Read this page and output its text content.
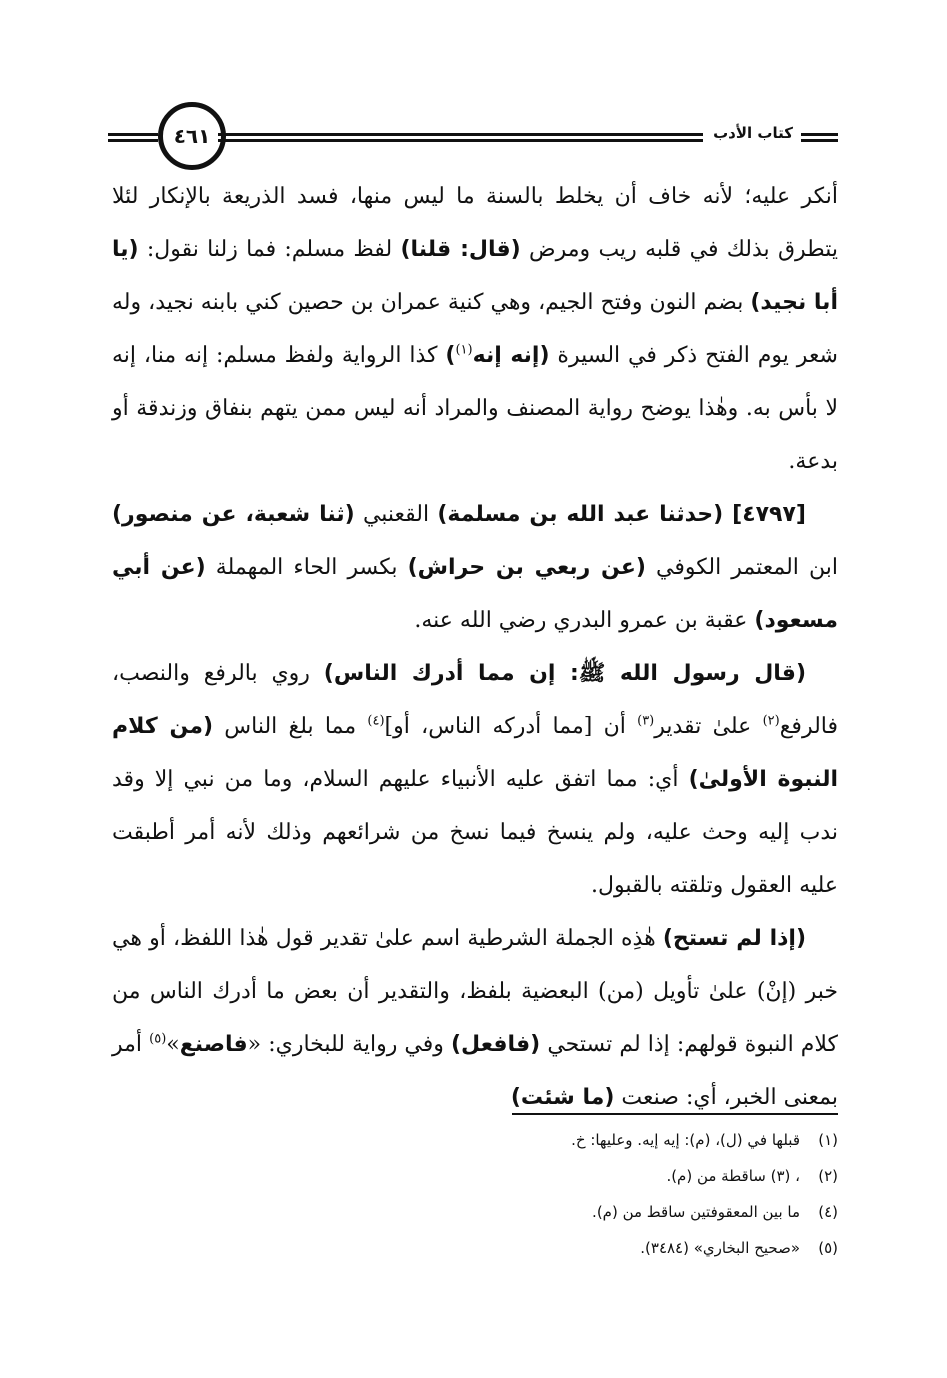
٤٦١	كتاب الأدب

أنكر عليه؛ لأنه خاف أن يخلط بالسنة ما ليس منها، فسد الذريعة بالإنكار لئلا يتطرق بذلك في قلبه ريب ومرض (قال: قلنا) لفظ مسلم: فما زلنا نقول: (يا أبا نجيد) بضم النون وفتح الجيم، وهي كنية عمران بن حصين كني بابنه نجيد، وله شعر يوم الفتح ذكر في السيرة (إنه إنه$^{(١)}$) كذا الرواية ولفظ مسلم: إنه منا، إنه لا بأس به. وهٰذا يوضح رواية المصنف والمراد أنه ليس ممن يتهم بنفاق وزندقة أو بدعة.

[٤٧٩٧] (حدثنا عبد الله بن مسلمة) القعنبي (ثنا شعبة، عن منصور) ابن المعتمر الكوفي (عن ربعي بن حراش) بكسر الحاء المهملة (عن أبي مسعود) عقبة بن عمرو البدري رضي الله عنه.

(قال رسول الله ﷺ: إن مما أدرك الناس) روي بالرفع والنصب، فالرفع$^{(٢)}$ علىٰ تقدير$^{(٣)}$ أن [مما أدركه الناس، أو]$^{(٤)}$ مما بلغ الناس (من كلام النبوة الأولىٰ) أي: مما اتفق عليه الأنبياء عليهم السلام، وما من نبي إلا وقد ندب إليه وحث عليه، ولم ينسخ فيما نسخ من شرائعهم وذلك لأنه أمر أطبقت عليه العقول وتلقته بالقبول.

(إذا لم تستح) هٰذِه الجملة الشرطية اسم علىٰ تقدير قول هٰذا اللفظ، أو هي خبر (إنْ) علىٰ تأويل (من) البعضية بلفظ، والتقدير أن بعض ما أدرك الناس من كلام النبوة قولهم: إذا لم تستحي (فافعل) وفي رواية للبخاري: «فاصنع»$^{(٥)}$ أمر بمعنى الخبر، أي: صنعت (ما شئت)

(١)قبلها في (ل)، (م): إيه إيه. وعليها: خ.
(٢)، (٣) ساقطة من (م).
(٤)ما بين المعقوفتين ساقط من (م).
(٥)«صحيح البخاري» (٣٤٨٤).
